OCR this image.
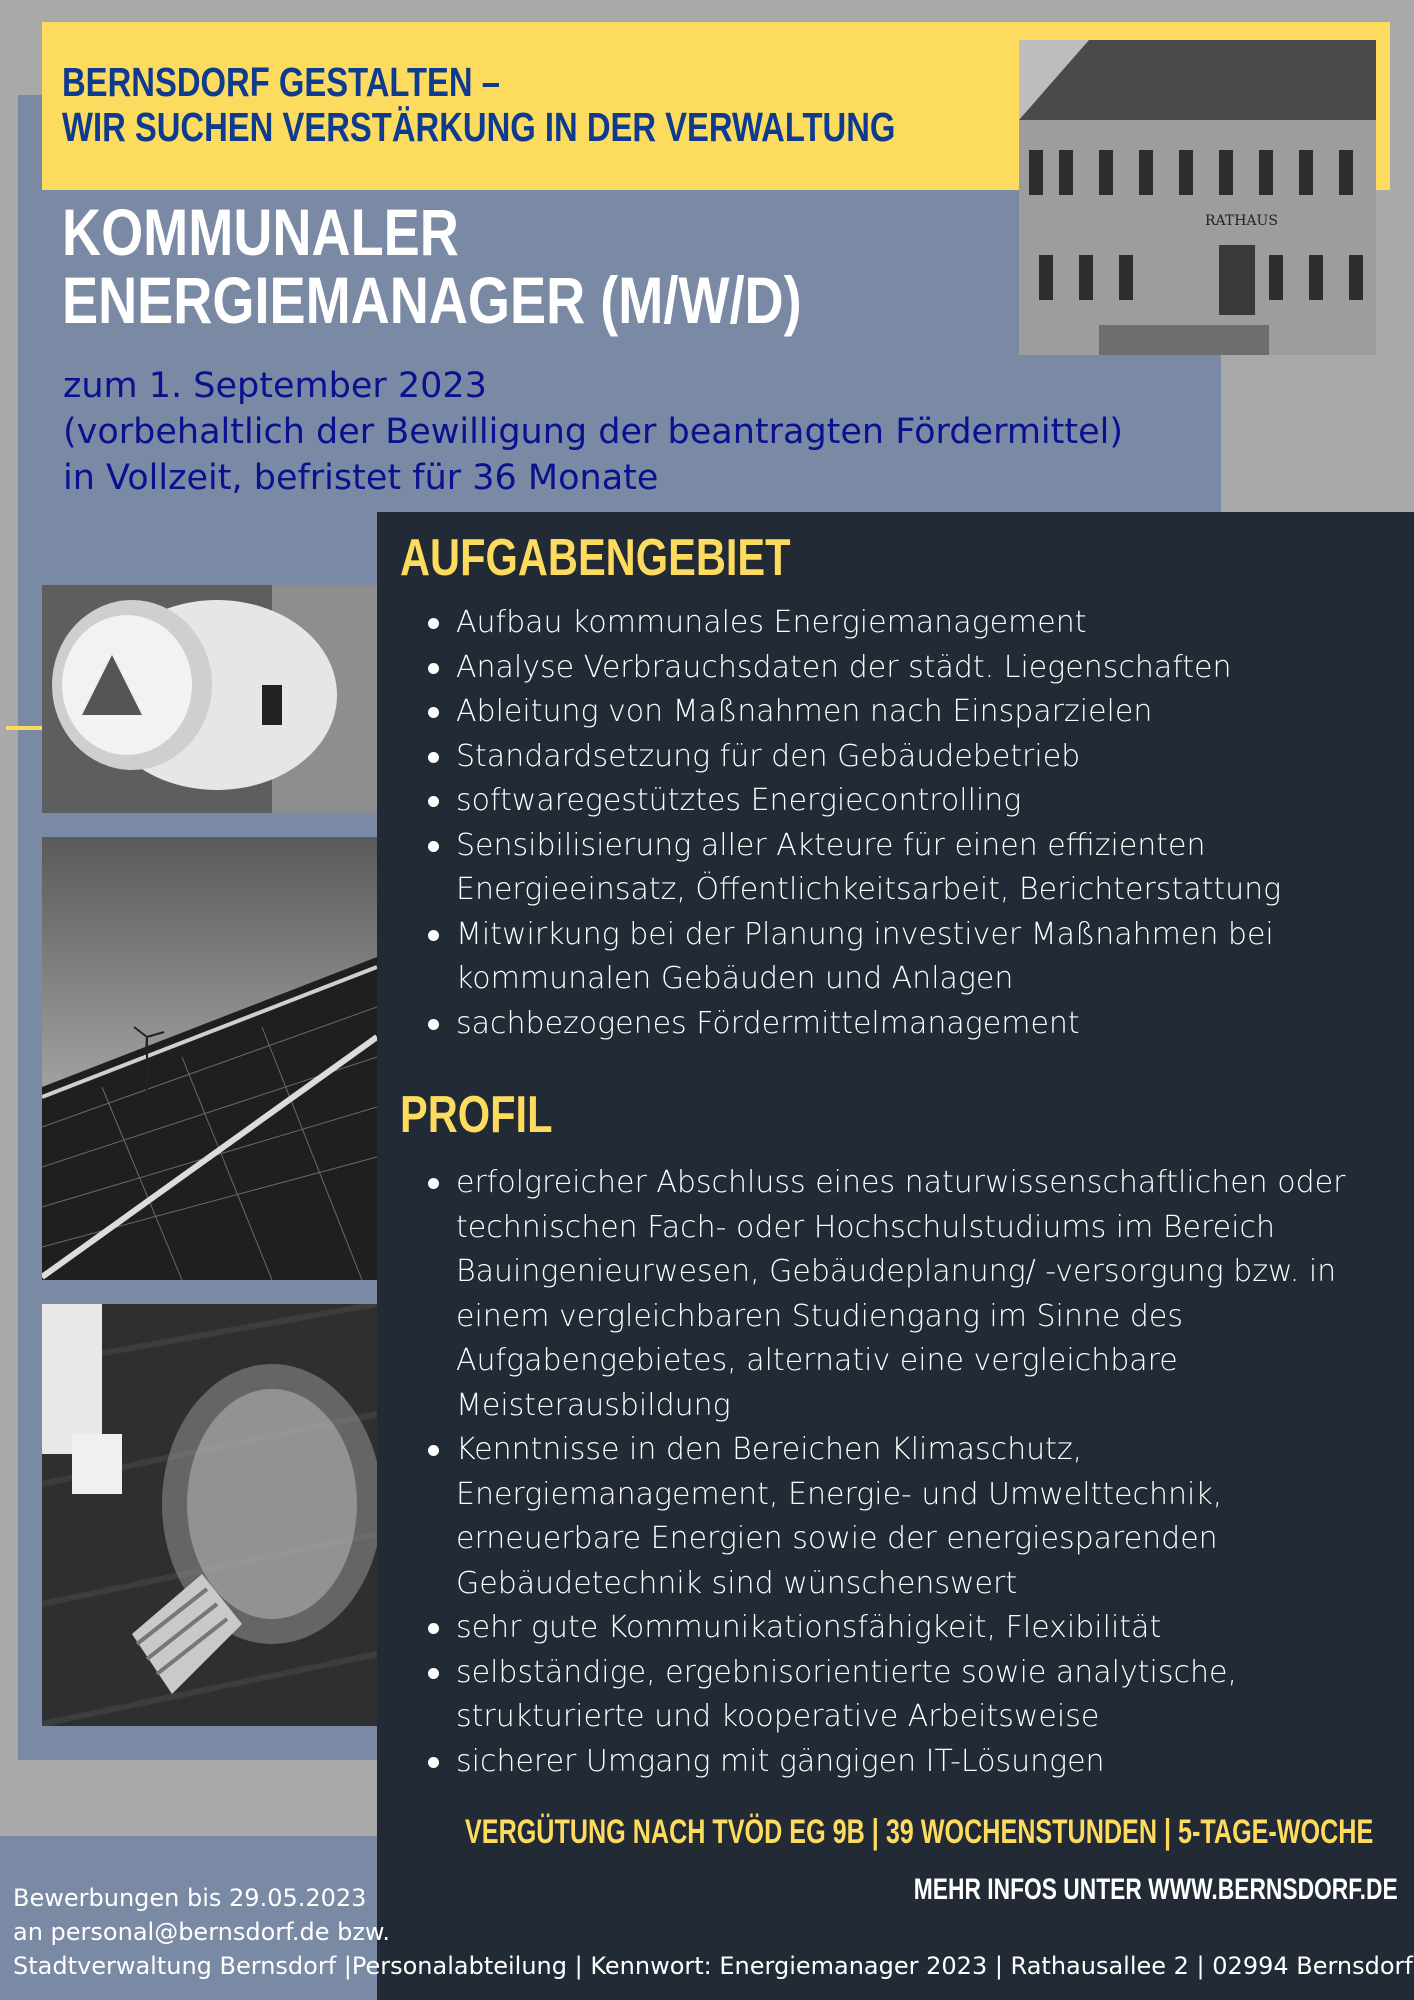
BERNSDORF GESTALTEN –
WIR SUCHEN VERSTÄRKUNG IN DER VERWALTUNG
RATHAUS
KOMMUNALER
ENERGIEMANAGER (M/W/D)
zum 1. September 2023
(vorbehaltlich der Bewilligung der beantragten Fördermittel)
in Vollzeit, befristet für 36 Monate
AUFGABENGEBIET
Aufbau kommunales Energiemanagement
Analyse Verbrauchsdaten der städt. Liegenschaften
Ableitung von Maßnahmen nach Einsparzielen
Standardsetzung für den Gebäudebetrieb
softwaregestütztes Energiecontrolling
Sensibilisierung aller Akteure für einen effizienten Energieeinsatz, Öffentlichkeitsarbeit, Berichterstattung
Mitwirkung bei der Planung investiver Maßnahmen bei kommunalen Gebäuden und Anlagen
sachbezogenes Fördermittelmanagement
PROFIL
erfolgreicher Abschluss eines naturwissenschaftlichen oder technischen Fach- oder Hochschulstudiums im Bereich Bauingenieurwesen, Gebäudeplanung/ -versorgung bzw. in einem vergleichbaren Studiengang im Sinne des Aufgabengebietes, alternativ eine vergleichbare Meisterausbildung
Kenntnisse in den Bereichen Klimaschutz, Energiemanagement, Energie- und Umwelttechnik, erneuerbare Energien sowie der energiesparenden Gebäudetechnik sind wünschenswert
sehr gute Kommunikationsfähigkeit, Flexibilität
selbständige, ergebnisorientierte sowie analytische, strukturierte und kooperative Arbeitsweise
sicherer Umgang mit gängigen IT-Lösungen
VERGÜTUNG NACH TVÖD EG 9B | 39 WOCHENSTUNDEN | 5-TAGE-WOCHE
MEHR INFOS UNTER WWW.BERNSDORF.DE
Bewerbungen bis 29.05.2023
an personal@bernsdorf.de bzw.
Stadtverwaltung Bernsdorf |Personalabteilung | Kennwort: Energiemanager 2023 | Rathausallee 2 | 02994 Bernsdorf
